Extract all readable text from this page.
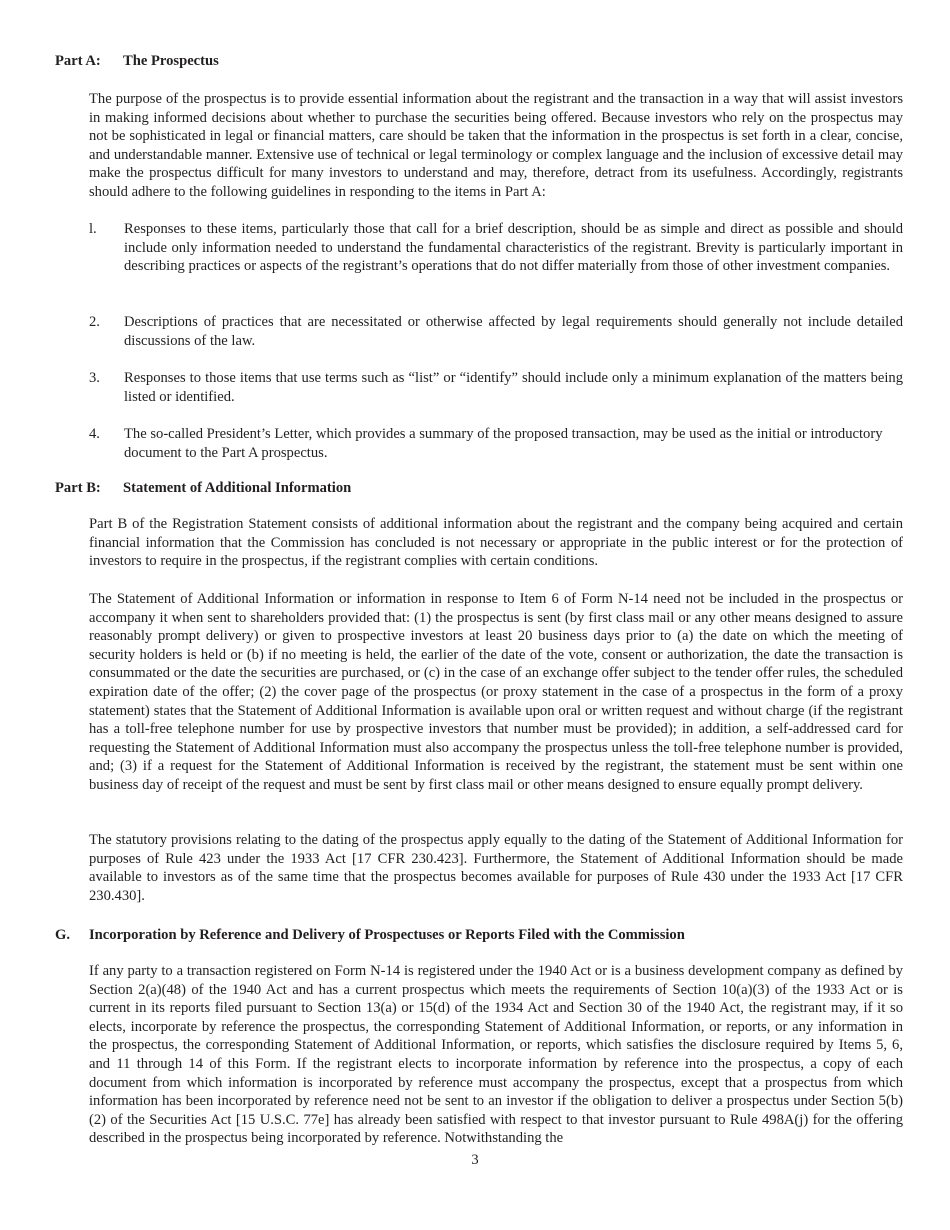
Part A: The Prospectus

The purpose of the prospectus is to provide essential information about the registrant and the transaction in a way that will assist investors in making informed decisions about whether to purchase the securities being offered. Because investors who rely on the prospectus may not be sophisticated in legal or financial matters, care should be taken that the information in the prospectus is set forth in a clear, concise, and understandable manner. Extensive use of technical or legal terminology or complex language and the inclusion of excessive detail may make the prospectus difficult for many investors to understand and may, therefore, detract from its usefulness. Accordingly, registrants should adhere to the following guidelines in responding to the items in Part A:

l. Responses to these items, particularly those that call for a brief description, should be as simple and direct as possible and should include only information needed to understand the fundamental characteristics of the registrant. Brevity is particularly important in describing practices or aspects of the registrant’s operations that do not differ materially from those of other investment companies.
2. Descriptions of practices that are necessitated or otherwise affected by legal requirements should generally not include detailed discussions of the law.
3. Responses to those items that use terms such as “list” or “identify” should include only a minimum explanation of the matters being listed or identified.
4. The so-called President’s Letter, which provides a summary of the proposed transaction, may be used as the initial or introductory document to the Part A prospectus.
Part B: Statement of Additional Information

Part B of the Registration Statement consists of additional information about the registrant and the company being acquired and certain financial information that the Commission has concluded is not necessary or appropriate in the public interest or for the protection of investors to require in the prospectus, if the registrant complies with certain conditions.

The Statement of Additional Information or information in response to Item 6 of Form N-14 need not be included in the prospectus or accompany it when sent to shareholders provided that: (1) the prospectus is sent (by first class mail or any other means designed to assure reasonably prompt delivery) or given to prospective investors at least 20 business days prior to (a) the date on which the meeting of security holders is held or (b) if no meeting is held, the earlier of the date of the vote, consent or authorization, the date the transaction is consummated or the date the securities are purchased, or (c) in the case of an exchange offer subject to the tender offer rules, the scheduled expiration date of the offer; (2) the cover page of the prospectus (or proxy statement in the case of a prospectus in the form of a proxy statement) states that the Statement of Additional Information is available upon oral or written request and without charge (if the registrant has a toll-free telephone number for use by prospective investors that number must be provided); in addition, a self-addressed card for requesting the Statement of Additional Information must also accompany the prospectus unless the toll-free telephone number is provided, and; (3) if a request for the Statement of Additional Information is received by the registrant, the statement must be sent within one business day of receipt of the request and must be sent by first class mail or other means designed to ensure equally prompt delivery.

The statutory provisions relating to the dating of the prospectus apply equally to the dating of the Statement of Additional Information for purposes of Rule 423 under the 1933 Act [17 CFR 230.423]. Furthermore, the Statement of Additional Information should be made available to investors as of the same time that the prospectus becomes available for purposes of Rule 430 under the 1933 Act [17 CFR 230.430].

G. Incorporation by Reference and Delivery of Prospectuses or Reports Filed with the Commission

If any party to a transaction registered on Form N-14 is registered under the 1940 Act or is a business development company as defined by Section 2(a)(48) of the 1940 Act and has a current prospectus which meets the requirements of Section 10(a)(3) of the 1933 Act or is current in its reports filed pursuant to Section 13(a) or 15(d) of the 1934 Act and Section 30 of the 1940 Act, the registrant may, if it so elects, incorporate by reference the prospectus, the corresponding Statement of Additional Information, or reports, or any information in the prospectus, the corresponding Statement of Additional Information, or reports, which satisfies the disclosure required by Items 5, 6, and 11 through 14 of this Form. If the registrant elects to incorporate information by reference into the prospectus, a copy of each document from which information is incorporated by reference must accompany the prospectus, except that a prospectus from which information has been incorporated by reference need not be sent to an investor if the obligation to deliver a prospectus under Section 5(b)(2) of the Securities Act [15 U.S.C. 77e] has already been satisfied with respect to that investor pursuant to Rule 498A(j) for the offering described in the prospectus being incorporated by reference. Notwithstanding the

3
